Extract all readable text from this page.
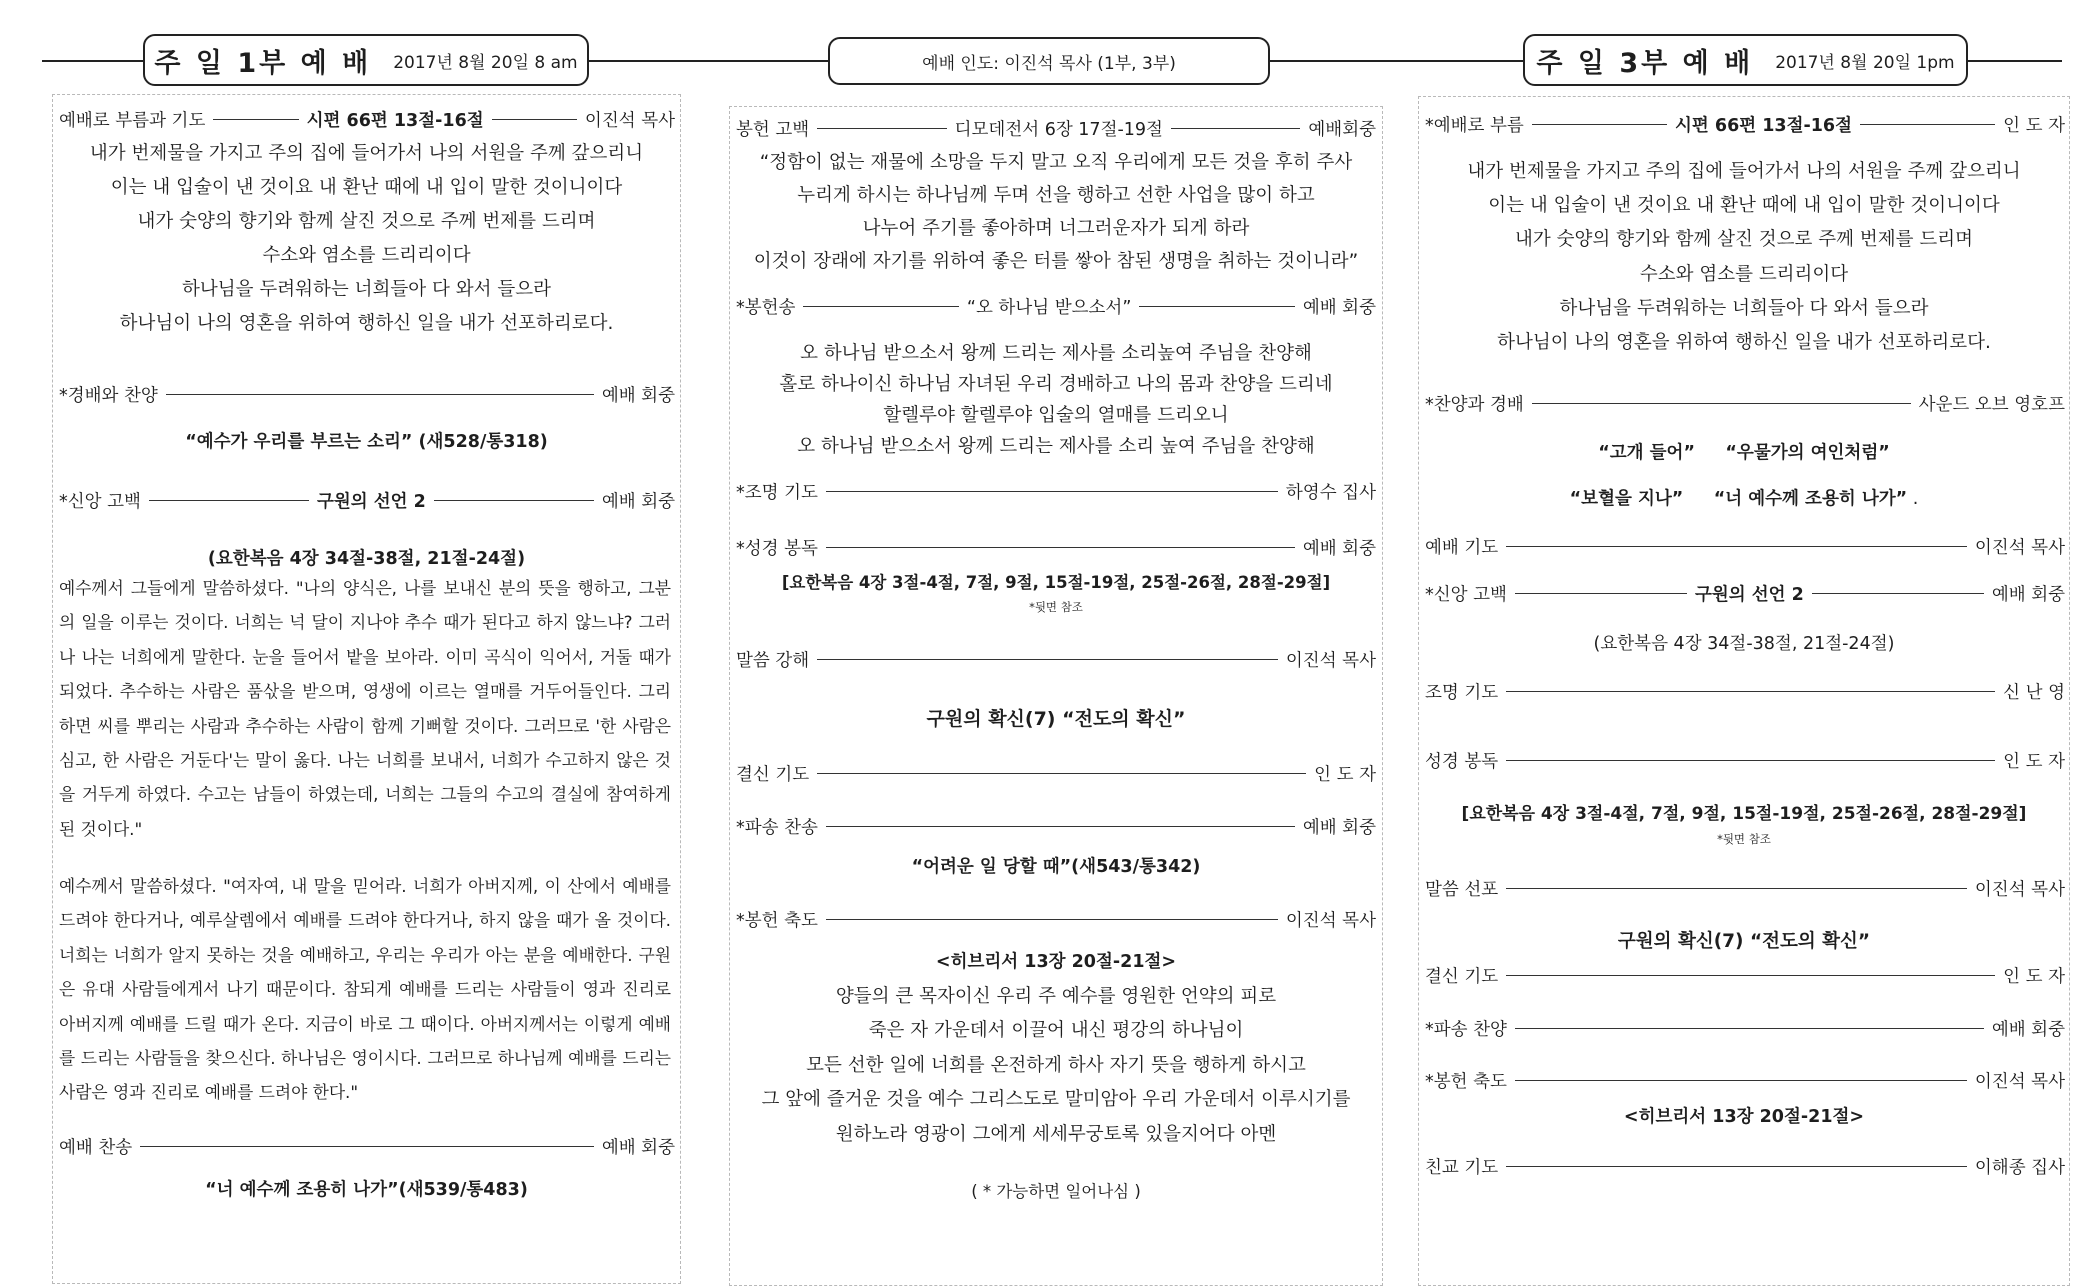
주 일 1부 예 배 2017년 8월 20일 8 am	예배 인도: 이진석 목사 (1부, 3부)	주 일 3부 예 배 2017년 8월 20일 1pm
예배로 부름과 기도	시편 66편 13절-16절	이진석 목사
내가 번제물을 가지고 주의 집에 들어가서 나의 서원을 주께 갚으리니
이는 내 입술이 낸 것이요 내 환난 때에 내 입이 말한 것이니이다
내가 숫양의 향기와 함께 살진 것으로 주께 번제를 드리며
수소와 염소를 드리리이다
하나님을 두려워하는 너희들아 다 와서 들으라
하나님이 나의 영혼을 위하여 행하신 일을 내가 선포하리로다.
*경배와 찬양	예배 회중
“예수가 우리를 부르는 소리” (새528/통318)
*신앙 고백	구원의 선언 2	예배 회중
(요한복음 4장 34절-38절, 21절-24절)
예수께서 그들에게 말씀하셨다. "나의 양식은, 나를 보내신 분의 뜻을 행하고, 그분의 일을 이루는 것이다. 너희는 넉 달이 지나야 추수 때가 된다고 하지 않느냐? 그러나 나는 너희에게 말한다. 눈을 들어서 밭을 보아라. 이미 곡식이 익어서, 거둘 때가 되었다. 추수하는 사람은 품삯을 받으며, 영생에 이르는 열매를 거두어들인다. 그리하면 씨를 뿌리는 사람과 추수하는 사람이 함께 기뻐할 것이다. 그러므로 '한 사람은 심고, 한 사람은 거둔다'는 말이 옳다. 나는 너희를 보내서, 너희가 수고하지 않은 것을 거두게 하였다. 수고는 남들이 하였는데, 너희는 그들의 수고의 결실에 참여하게 된 것이다."
예수께서 말씀하셨다. "여자여, 내 말을 믿어라. 너희가 아버지께, 이 산에서 예배를 드려야 한다거나, 예루살렘에서 예배를 드려야 한다거나, 하지 않을 때가 올 것이다. 너희는 너희가 알지 못하는 것을 예배하고, 우리는 우리가 아는 분을 예배한다. 구원은 유대 사람들에게서 나기 때문이다. 참되게 예배를 드리는 사람들이 영과 진리로 아버지께 예배를 드릴 때가 온다. 지금이 바로 그 때이다. 아버지께서는 이렇게 예배를 드리는 사람들을 찾으신다. 하나님은 영이시다. 그러므로 하나님께 예배를 드리는 사람은 영과 진리로 예배를 드려야 한다."
예배 찬송	예배 회중
“너 예수께 조용히 나가”(새539/통483)
봉헌 고백	디모데전서 6장 17절-19절	예배회중
“정함이 없는 재물에 소망을 두지 말고 오직 우리에게 모든 것을 후히 주사
누리게 하시는 하나님께 두며 선을 행하고 선한 사업을 많이 하고
나누어 주기를 좋아하며 너그러운자가 되게 하라
이것이 장래에 자기를 위하여 좋은 터를 쌓아 참된 생명을 취하는 것이니라”
*봉헌송	“오 하나님 받으소서”	예배 회중
오 하나님 받으소서 왕께 드리는 제사를 소리높여 주님을 찬양해
홀로 하나이신 하나님 자녀된 우리 경배하고 나의 몸과 찬양을 드리네
할렐루야 할렐루야 입술의 열매를 드리오니
오 하나님 받으소서 왕께 드리는 제사를 소리 높여 주님을 찬양해
*조명 기도	하영수 집사
*성경 봉독	예배 회중
[요한복음 4장 3절-4절, 7절, 9절, 15절-19절, 25절-26절, 28절-29절]
*뒷면 참조
말씀 강해	이진석 목사
구원의 확신(7) “전도의 확신”
결신 기도	인 도 자
*파송 찬송	예배 회중
“어려운 일 당할 때”(새543/통342)
*봉헌 축도	이진석 목사
<히브리서 13장 20절-21절>
양들의 큰 목자이신 우리 주 예수를 영원한 언약의 피로
죽은 자 가운데서 이끌어 내신 평강의 하나님이
모든 선한 일에 너희를 온전하게 하사 자기 뜻을 행하게 하시고
그 앞에 즐거운 것을 예수 그리스도로 말미암아 우리 가운데서 이루시기를
원하노라 영광이 그에게 세세무궁토록 있을지어다 아멘
( * 가능하면 일어나심 )
*예배로 부름	시편 66편 13절-16절	인 도 자
내가 번제물을 가지고 주의 집에 들어가서 나의 서원을 주께 갚으리니
이는 내 입술이 낸 것이요 내 환난 때에 내 입이 말한 것이니이다
내가 숫양의 향기와 함께 살진 것으로 주께 번제를 드리며
수소와 염소를 드리리이다
하나님을 두려워하는 너희들아 다 와서 들으라
하나님이 나의 영혼을 위하여 행하신 일을 내가 선포하리로다.
*찬양과 경배	사운드 오브 영호프
“고개 들어”     “우물가의 여인처럼”
“보혈을 지나”     “너 예수께 조용히 나가” .
예배 기도	이진석 목사
*신앙 고백	구원의 선언 2	예배 회중
(요한복음 4장 34절-38절, 21절-24절)
조명 기도	신 난 영
성경 봉독	인 도 자
[요한복음 4장 3절-4절, 7절, 9절, 15절-19절, 25절-26절, 28절-29절]
*뒷면 참조
말씀 선포	이진석 목사
구원의 확신(7) “전도의 확신”
결신 기도	인 도 자
*파송 찬양	예배 회중
*봉헌 축도	이진석 목사
<히브리서 13장 20절-21절>
친교 기도	이해종 집사
